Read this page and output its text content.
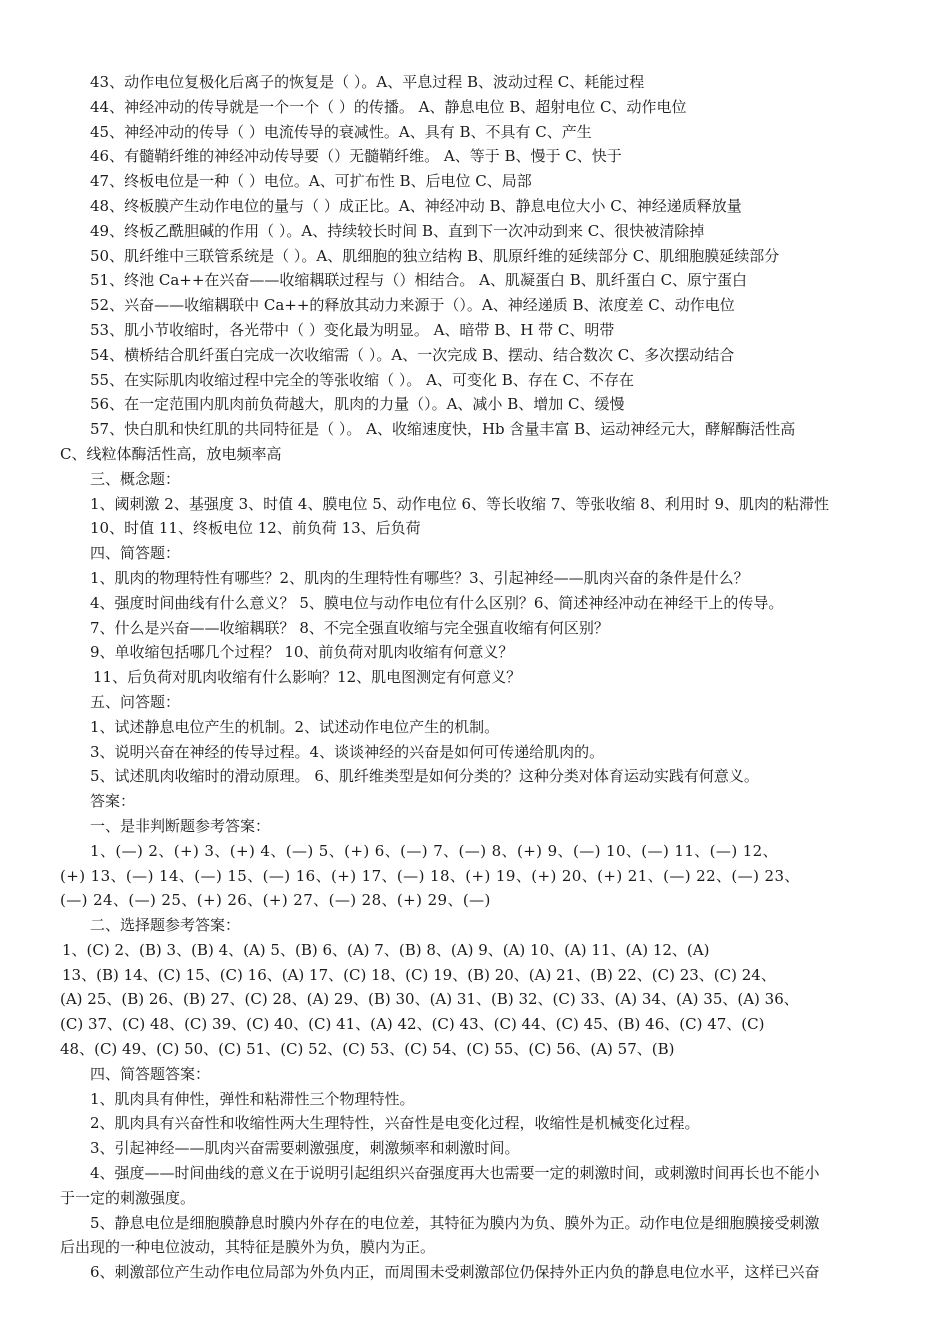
43、动作电位复极化后离子的恢复是（ ）。A、平息过程 B、波动过程 C、耗能过程
44、神经冲动的传导就是一个一个（ ）的传播。 A、静息电位 B、超射电位 C、动作电位
45、神经冲动的传导（ ）电流传导的衰减性。A、具有 B、不具有 C、产生
46、有髓鞘纤维的神经冲动传导要（）无髓鞘纤维。 A、等于 B、慢于 C、快于
47、终板电位是一种（ ）电位。A、可扩布性 B、后电位 C、局部
48、终板膜产生动作电位的量与（ ）成正比。A、神经冲动 B、静息电位大小 C、神经递质释放量
49、终板乙酰胆碱的作用（ ）。A、持续较长时间 B、直到下一次冲动到来 C、很快被清除掉
50、肌纤维中三联管系统是（ ）。A、肌细胞的独立结构 B、肌原纤维的延续部分 C、肌细胞膜延续部分
51、终池 Ca++在兴奋——收缩耦联过程与（）相结合。 A、肌凝蛋白 B、肌纤蛋白 C、原宁蛋白
52、兴奋——收缩耦联中 Ca++的释放其动力来源于（）。A、神经递质 B、浓度差 C、动作电位
53、肌小节收缩时，各光带中（ ）变化最为明显。 A、暗带 B、H 带 C、明带
54、横桥结合肌纤蛋白完成一次收缩需（ ）。A、一次完成 B、摆动、结合数次 C、多次摆动结合
55、在实际肌肉收缩过程中完全的等张收缩（ ）。 A、可变化 B、存在 C、不存在
56、在一定范围内肌肉前负荷越大，肌肉的力量（）。A、减小 B、增加 C、缓慢
57、快白肌和快红肌的共同特征是（ ）。 A、收缩速度快，Hb 含量丰富 B、运动神经元大，酵解酶活性高
C、线粒体酶活性高，放电频率高
三、概念题：
1、阈刺激 2、基强度 3、时值 4、膜电位 5、动作电位 6、等长收缩 7、等张收缩 8、利用时 9、肌肉的粘滞性
10、时值 11、终板电位 12、前负荷 13、后负荷
四、简答题：
1、肌肉的物理特性有哪些？2、肌肉的生理特性有哪些？3、引起神经——肌肉兴奋的条件是什么？
4、强度时间曲线有什么意义？ 5、膜电位与动作电位有什么区别？6、简述神经冲动在神经干上的传导。
7、什么是兴奋——收缩耦联？ 8、不完全强直收缩与完全强直收缩有何区别？
9、单收缩包括哪几个过程？ 10、前负荷对肌肉收缩有何意义？
11、后负荷对肌肉收缩有什么影响？12、肌电图测定有何意义？
五、问答题：
1、试述静息电位产生的机制。2、试述动作电位产生的机制。
3、说明兴奋在神经的传导过程。4、谈谈神经的兴奋是如何可传递给肌肉的。
5、试述肌肉收缩时的滑动原理。 6、肌纤维类型是如何分类的？这种分类对体育运动实践有何意义。
答案：
一、是非判断题参考答案：
1、(—) 2、(+) 3、(+) 4、(—) 5、(+) 6、(—) 7、(—) 8、(+) 9、(—) 10、(—) 11、(—) 12、
(+) 13、(—) 14、(—) 15、(—) 16、(+) 17、(—) 18、(+) 19、(+) 20、(+) 21、(—) 22、(—) 23、
(—) 24、(—) 25、(+) 26、(+) 27、(—) 28、(+) 29、(—)
二、选择题参考答案：
1、(C) 2、(B) 3、(B) 4、(A) 5、(B) 6、(A) 7、(B) 8、(A) 9、(A) 10、(A) 11、(A) 12、(A)
13、(B) 14、(C) 15、(C) 16、(A) 17、(C) 18、(C) 19、(B) 20、(A) 21、(B) 22、(C) 23、(C) 24、
(A) 25、(B) 26、(B) 27、(C) 28、(A) 29、(B) 30、(A) 31、(B) 32、(C) 33、(A) 34、(A) 35、(A) 36、
(C) 37、(C) 48、(C) 39、(C) 40、(C) 41、(A) 42、(C) 43、(C) 44、(C) 45、(B) 46、(C) 47、(C)
48、(C) 49、(C) 50、(C) 51、(C) 52、(C) 53、(C) 54、(C) 55、(C) 56、(A) 57、(B)
四、简答题答案：
1、肌肉具有伸性，弹性和粘滞性三个物理特性。
2、肌肉具有兴奋性和收缩性两大生理特性，兴奋性是电变化过程，收缩性是机械变化过程。
3、引起神经——肌肉兴奋需要刺激强度，刺激频率和刺激时间。
4、强度——时间曲线的意义在于说明引起组织兴奋强度再大也需要一定的刺激时间，或刺激时间再长也不能小
于一定的刺激强度。
5、静息电位是细胞膜静息时膜内外存在的电位差，其特征为膜内为负、膜外为正。动作电位是细胞膜接受刺激
后出现的一种电位波动，其特征是膜外为负，膜内为正。
6、刺激部位产生动作电位局部为外负内正，而周围未受刺激部位仍保持外正内负的静息电位水平，这样已兴奋
